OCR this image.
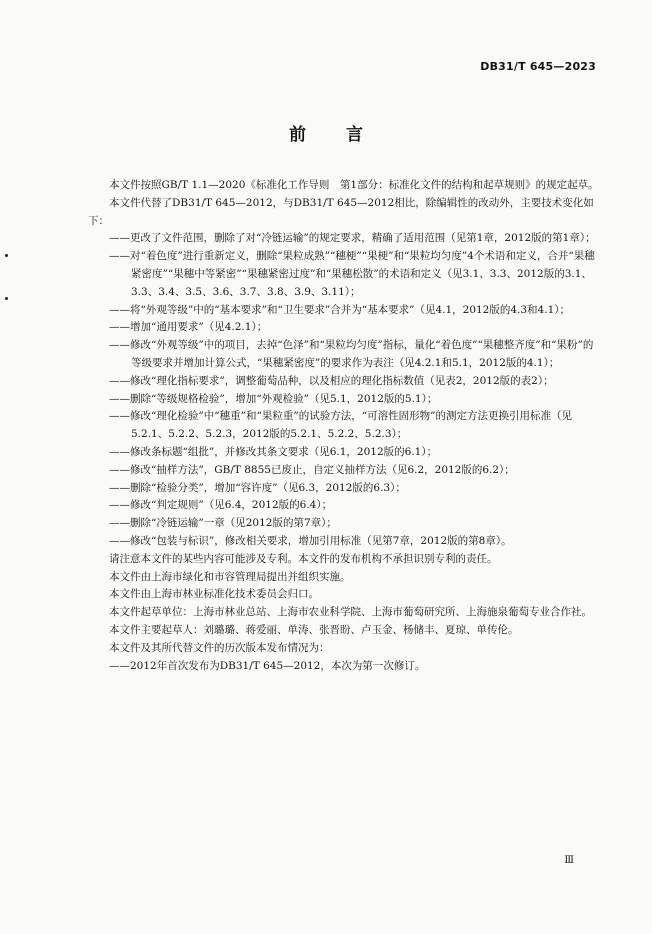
DB31/T 645—2023
前言

本文件按照GB/T 1.1—2020《标准化工作导则　第1部分：标准化文件的结构和起草规则》的规定起草。

本文件代替了DB31/T 645—2012，与DB31/T 645—2012相比，除编辑性的改动外，主要技术变化如下：

——更改了文件范围，删除了对“冷链运输”的规定要求，精确了适用范围（见第1章，2012版的第1章）；

——对“着色度”进行重新定义，删除“果粒成熟”“穗梗”“果梗”和“果粒均匀度”4个术语和定义，合并“果穗紧密度”“果穗中等紧密”“果穗紧密过度”和“果穗松散”的术语和定义（见3.1、3.3、2012版的3.1、3.3、3.4、3.5、3.6、3.7、3.8、3.9、3.11）；

——将“外观等级”中的“基本要求”和“卫生要求”合并为“基本要求”（见4.1，2012版的4.3和4.1）；

——增加“通用要求”（见4.2.1）；

——修改“外观等级”中的项目，去掉“色泽”和“果粒均匀度”指标，量化“着色度”“果穗整齐度”和“果粉”的等级要求并增加计算公式，“果穗紧密度”的要求作为表注（见4.2.1和5.1，2012版的4.1）；

——修改“理化指标要求”，调整葡萄品种，以及相应的理化指标数值（见表2，2012版的表2）；

——删除“等级规格检验”，增加“外观检验”（见5.1，2012版的5.1）；

——修改“理化检验”中“穗重”和“果粒重”的试验方法，“可溶性固形物”的测定方法更换引用标准（见5.2.1、5.2.2、5.2.3，2012版的5.2.1、5.2.2、5.2.3）；

——修改条标题“组批”，并修改其条文要求（见6.1，2012版的6.1）；

——修改“抽样方法”，GB/T 8855已废止，自定义抽样方法（见6.2，2012版的6.2）；

——删除“检验分类”，增加“容许度”（见6.3，2012版的6.3）；

——修改“判定规则”（见6.4，2012版的6.4）；

——删除“冷链运输”一章（见2012版的第7章）；

——修改“包装与标识”，修改相关要求，增加引用标准（见第7章，2012版的第8章）。

请注意本文件的某些内容可能涉及专利。本文件的发布机构不承担识别专利的责任。

本文件由上海市绿化和市容管理局提出并组织实施。

本文件由上海市林业标准化技术委员会归口。

本文件起草单位：上海市林业总站、上海市农业科学院、上海市葡萄研究所、上海施泉葡萄专业合作社。

本文件主要起草人：刘璐璐、蒋爱丽、单涛、张晋盼、卢玉金、杨储丰、夏琼、单传伦。

本文件及其所代替文件的历次版本发布情况为：

——2012年首次发布为DB31/T 645—2012，本次为第一次修订。

Ⅲ
